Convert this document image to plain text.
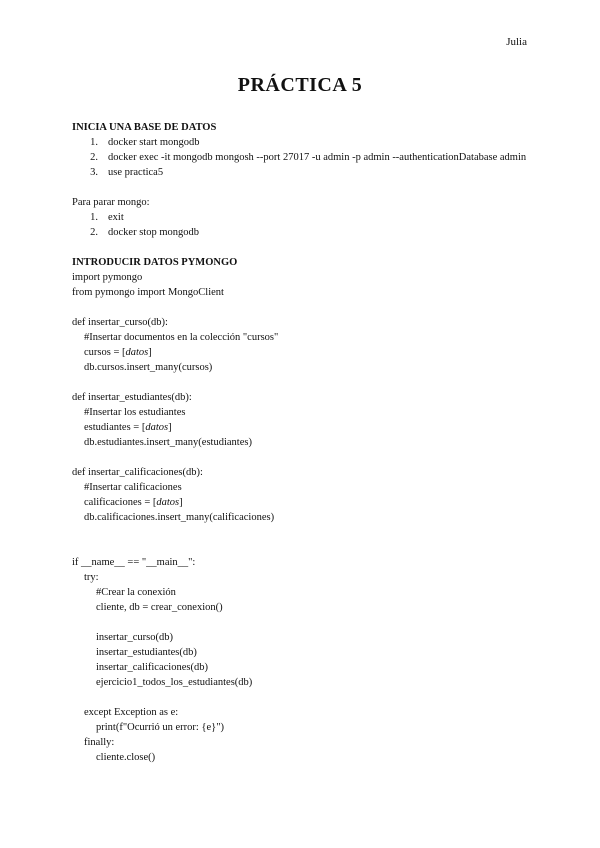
Julia
PRÁCTICA 5

INICIA UNA BASE DE DATOS

1. docker start mongodb
2. docker exec -it mongodb mongosh --port 27017 -u admin -p admin --authenticationDatabase admin
3. use practica5

Para parar mongo:

1. exit
2. docker stop mongodb

INTRODUCIR DATOS PYMONGO

import pymongo

from pymongo import MongoClient

def insertar_curso(db):

#Insertar documentos en la colección "cursos"

cursos = [datos]

db.cursos.insert_many(cursos)

def insertar_estudiantes(db):

#Insertar los estudiantes

estudiantes = [datos]

db.estudiantes.insert_many(estudiantes)

def insertar_calificaciones(db):

#Insertar calificaciones

calificaciones = [datos]

db.calificaciones.insert_many(calificaciones)

if __name__ == "__main__":

try:

#Crear la conexión

cliente, db = crear_conexion()

insertar_curso(db)

insertar_estudiantes(db)

insertar_calificaciones(db)

ejercicio1_todos_los_estudiantes(db)

except Exception as e:

print(f"Ocurrió un error: {e}")

finally:

cliente.close()
